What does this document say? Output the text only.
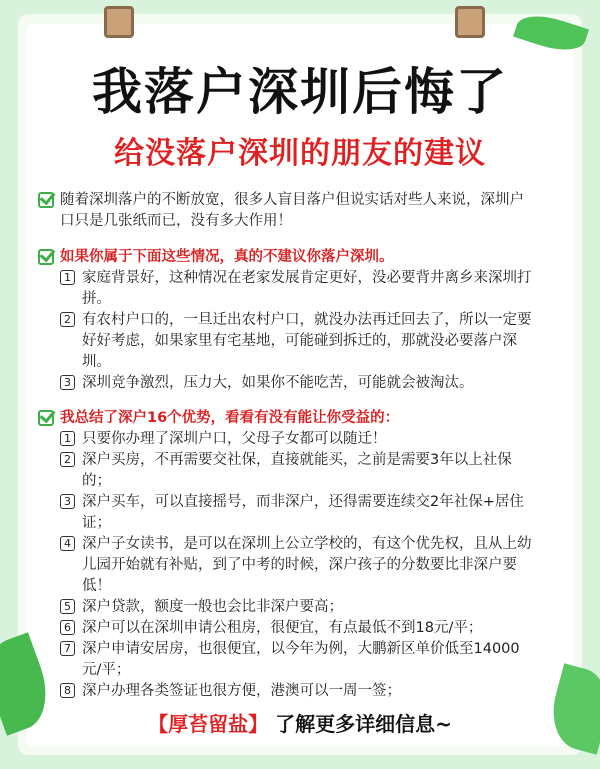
我落户深圳后悔了
给没落户深圳的朋友的建议
随着深圳落户的不断放宽，很多人盲目落户但说实话对些人来说，深圳户口只是几张纸而已，没有多大作用！
如果你属于下面这些情况，真的不建议你落户深圳。
1 家庭背景好，这种情况在老家发展肯定更好，没必要背井离乡来深圳打拼。
2 有农村户口的，一旦迁出农村户口，就没办法再迁回去了，所以一定要好好考虑，如果家里有宅基地，可能碰到拆迁的，那就没必要落户深圳。
3 深圳竞争激烈，压力大，如果你不能吃苦，可能就会被淘汰。
我总结了深户16个优势，看看有没有能让你受益的：
1 只要你办理了深圳户口，父母子女都可以随迁！
2 深户买房，不再需要交社保，直接就能买，之前是需要3年以上社保的；
3 深户买车，可以直接摇号，而非深户，还得需要连续交2年社保+居住证；
4 深户子女读书，是可以在深圳上公立学校的，有这个优先权，且从上幼儿园开始就有补贴，到了中考的时候，深户孩子的分数要比非深户要低！
5 深户贷款，额度一般也会比非深户要高；
6 深户可以在深圳申请公租房，很便宜，有点最低不到18元/平；
7 深户申请安居房，也很便宜，以今年为例，大鹏新区单价低至14000元/平；
8 深户办理各类签证也很方便，港澳可以一周一签；
【厚苔留盐】 了解更多详细信息~
